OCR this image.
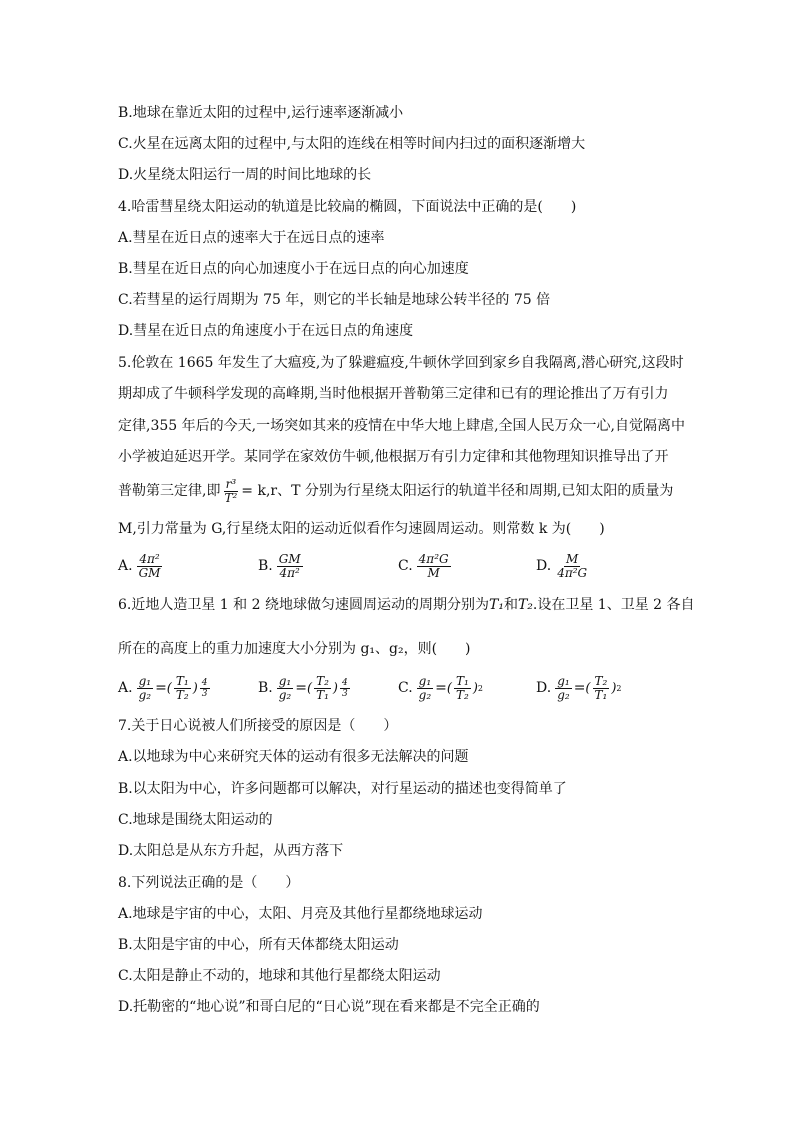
B.地球在靠近太阳的过程中,运行速率逐渐减小
C.火星在远离太阳的过程中,与太阳的连线在相等时间内扫过的面积逐渐增大
D.火星绕太阳运行一周的时间比地球的长
4.哈雷彗星绕太阳运动的轨道是比较扁的椭圆，下面说法中正确的是(　　)
A.彗星在近日点的速率大于在远日点的速率
B.彗星在近日点的向心加速度小于在远日点的向心加速度
C.若彗星的运行周期为 75 年，则它的半长轴是地球公转半径的 75 倍
D.彗星在近日点的角速度小于在远日点的角速度
5.伦敦在 1665 年发生了大瘟疫,为了躲避瘟疫,牛顿休学回到家乡自我隔离,潜心研究,这段时
期却成了牛顿科学发现的高峰期,当时他根据开普勒第三定律和已有的理论推出了万有引力
定律,355 年后的今天,一场突如其来的疫情在中华大地上肆虐,全国人民万众一心,自觉隔离中
小学被迫延迟开学。某同学在家效仿牛顿,他根据万有引力定律和其他物理知识推导出了开
普勒第三定律,即 $\frac{\text{r³}}{\text{T²}} = k,r$、T 分别为行星绕太阳运行的轨道半径和周期,已知太阳的质量为
M,引力常量为 G,行星绕太阳的运动近似看作匀速圆周运动。则常数 k 为(　　)
A. $\frac{\text{4π²}}{GM}$	B. $\frac{GM}{\text{4π²}}$	C. $\frac{\text{4π²G}}{M}$	D. $\frac{M}{\text{4π²G}}$
6.近地人造卫星 1 和 2 绕地球做匀速圆周运动的周期分别为 T₁ 和 T₂ .设在卫星 1、卫星 2 各自
所在的高度上的重力加速度大小分别为 g₁、g₂，则(　　)
A. $\frac{\text{g₁}}{\text{g₂}}$ = ( $\frac{\text{T₁}}{\text{T₂}}$ ) $\frac{4}{3}$	B. $\frac{\text{g₁}}{\text{g₂}}$ = ( $\frac{\text{T₂}}{\text{T₁}}$ ) $\frac{4}{3}$	C. $\frac{\text{g₁}}{\text{g₂}}$ = ( $\frac{\text{T₁}}{\text{T₂}}$ ) 2	D. $\frac{\text{g₁}}{\text{g₂}}$ = ( $\frac{\text{T₂}}{\text{T₁}}$ ) 2
7.关于日心说被人们所接受的原因是（　　）
A.以地球为中心来研究天体的运动有很多无法解决的问题
B.以太阳为中心，许多问题都可以解决，对行星运动的描述也变得简单了
C.地球是围绕太阳运动的
D.太阳总是从东方升起，从西方落下
8.下列说法正确的是（　　）
A.地球是宇宙的中心，太阳、月亮及其他行星都绕地球运动
B.太阳是宇宙的中心，所有天体都绕太阳运动
C.太阳是静止不动的，地球和其他行星都绕太阳运动
D.托勒密的“地心说”和哥白尼的“日心说”现在看来都是不完全正确的
